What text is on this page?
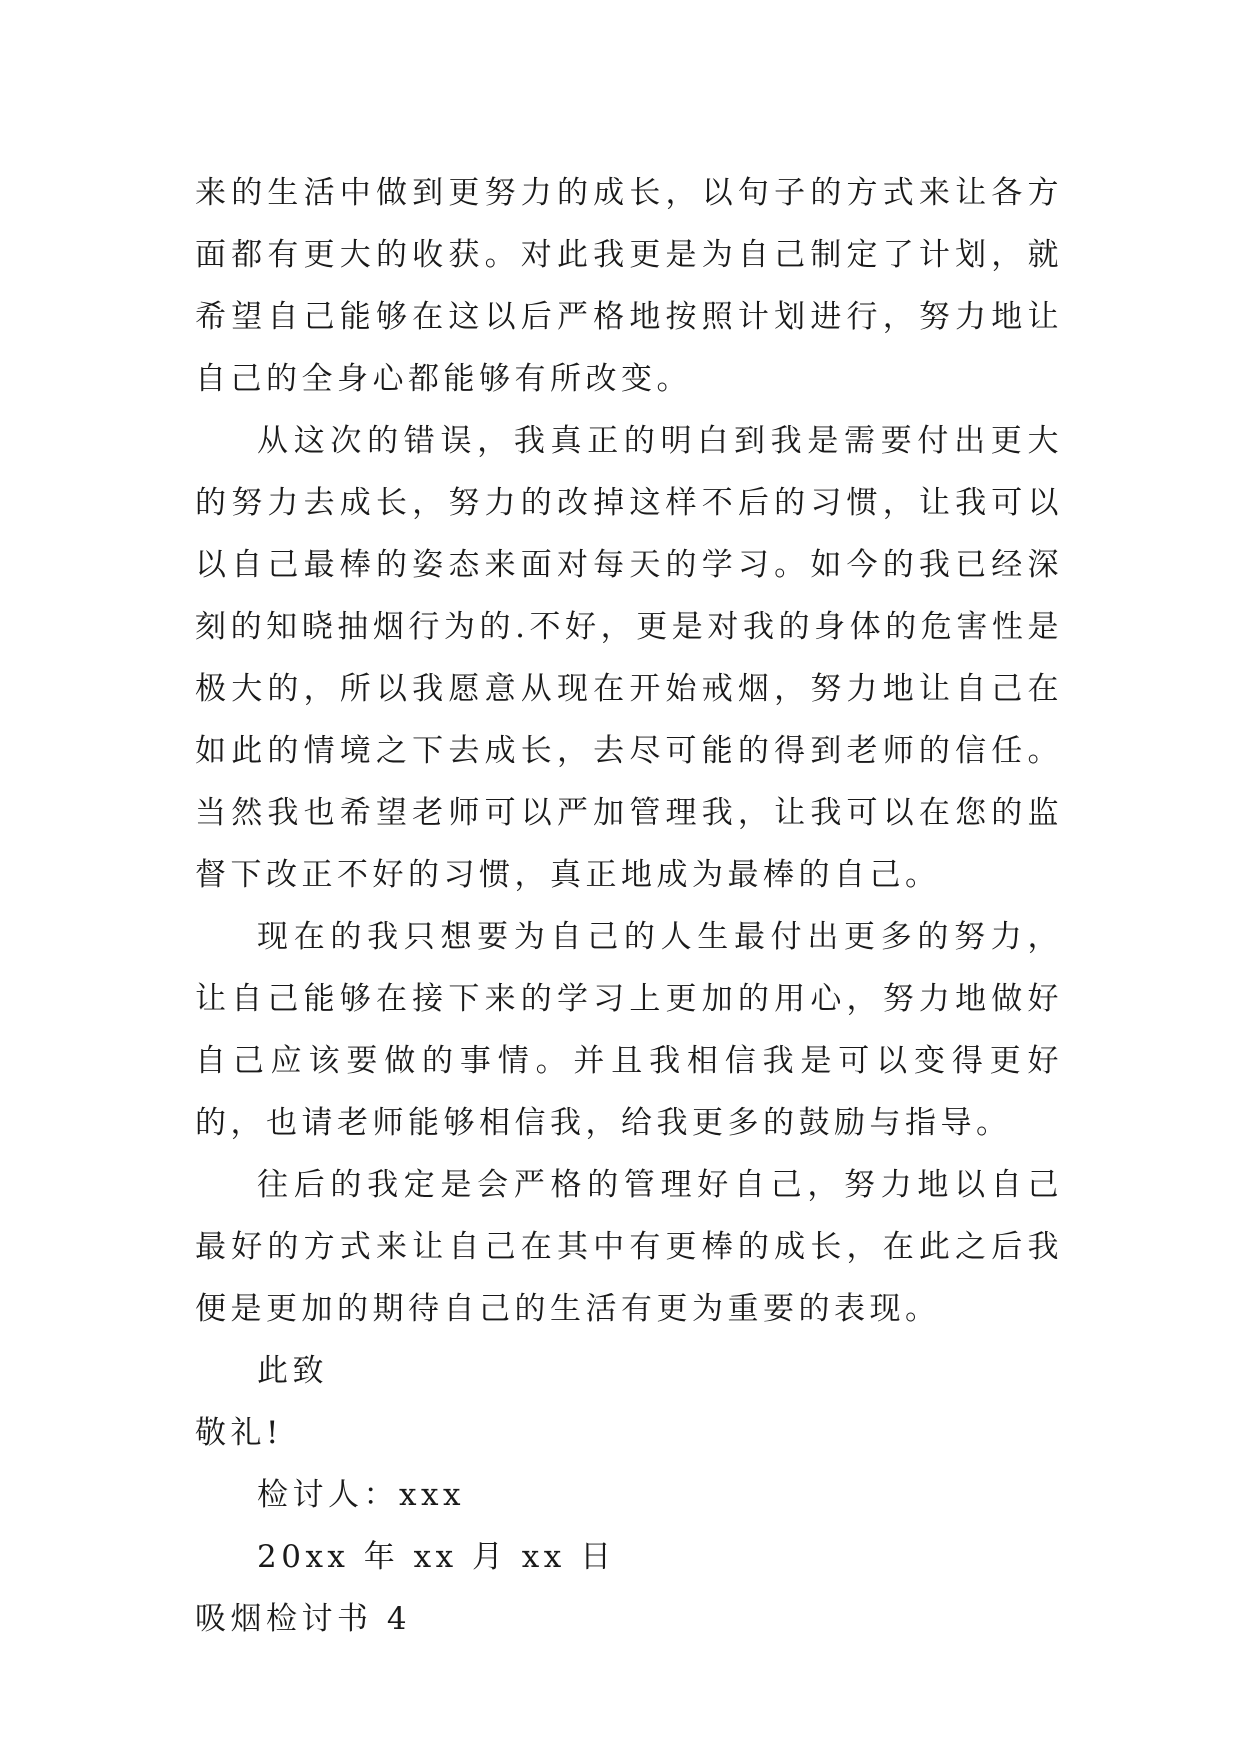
来的生活中做到更努力的成长，以句子的方式来让各方面都有更大的收获。对此我更是为自己制定了计划，就希望自己能够在这以后严格地按照计划进行，努力地让自己的全身心都能够有所改变。

从这次的错误，我真正的明白到我是需要付出更大的努力去成长，努力的改掉这样不后的习惯，让我可以以自己最棒的姿态来面对每天的学习。如今的我已经深刻的知晓抽烟行为的.不好，更是对我的身体的危害性是极大的，所以我愿意从现在开始戒烟，努力地让自己在如此的情境之下去成长，去尽可能的得到老师的信任。当然我也希望老师可以严加管理我，让我可以在您的监督下改正不好的习惯，真正地成为最棒的自己。

现在的我只想要为自己的人生最付出更多的努力，让自己能够在接下来的学习上更加的用心，努力地做好自己应该要做的事情。并且我相信我是可以变得更好的，也请老师能够相信我，给我更多的鼓励与指导。

往后的我定是会严格的管理好自己，努力地以自己最好的方式来让自己在其中有更棒的成长，在此之后我便是更加的期待自己的生活有更为重要的表现。

此致

敬礼!

检讨人：xxx

20xx 年 xx 月 xx 日

吸烟检讨书 4
